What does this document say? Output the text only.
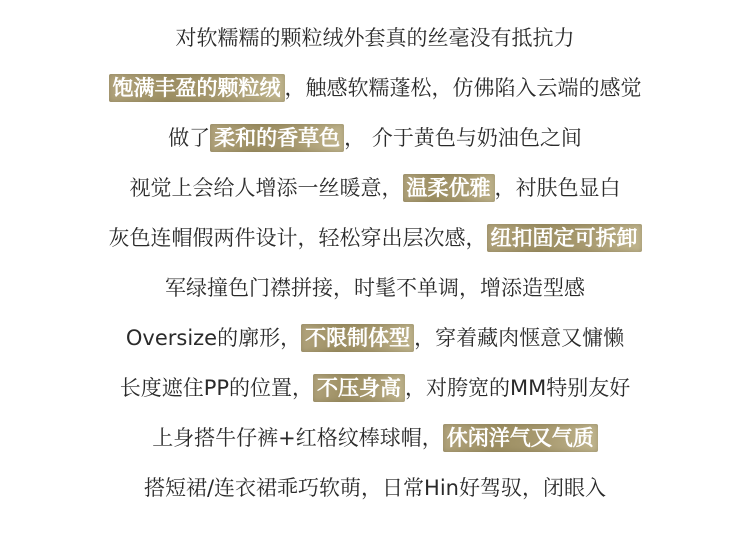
对软糯糯的颗粒绒外套真的丝毫没有抵抗力
饱满丰盈的颗粒绒 ，触感软糯蓬松，仿佛陷入云端的感觉
做了 柔和的香草色 ， 介于黄色与奶油色之间
视觉上会给人增添一丝暖意， 温柔优雅 ，衬肤色显白
灰色连帽假两件设计，轻松穿出层次感， 纽扣固定可拆卸
军绿撞色门襟拼接，时髦不单调，增添造型感
Oversize的廓形， 不限制体型 ，穿着藏肉惬意又慵懒
长度遮住PP的位置， 不压身高 ，对胯宽的MM特别友好
上身搭牛仔裤+红格纹棒球帽， 休闲洋气又气质
搭短裙/连衣裙乖巧软萌，日常Hin好驾驭，闭眼入
